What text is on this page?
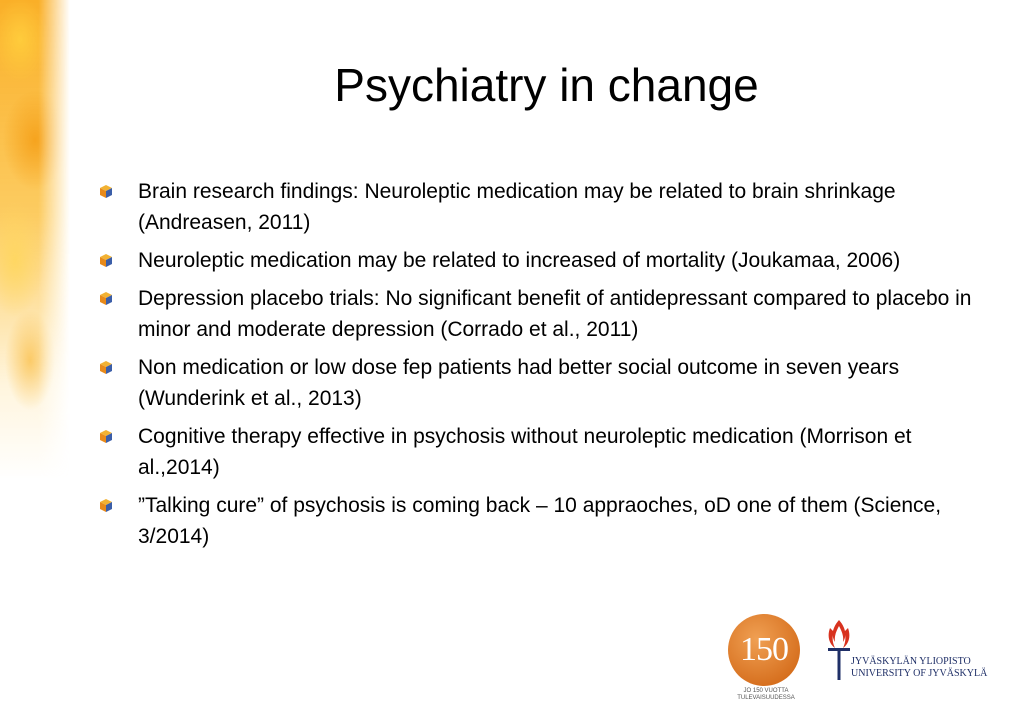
Psychiatry in change
Brain research findings: Neuroleptic medication may be related to brain shrinkage (Andreasen, 2011)
Neuroleptic medication may be related to increased of mortality (Joukamaa, 2006)
Depression placebo trials: No significant benefit of antidepressant compared to placebo in minor and moderate depression (Corrado et al., 2011)
Non medication or low dose fep patients had better social outcome in seven years (Wunderink et al., 2013)
Cognitive therapy effective in psychosis without neuroleptic medication (Morrison et al.,2014)
”Talking cure” of psychosis is coming back – 10 appraoches, oD one of them (Science, 3/2014)
150
JO 150 VUOTTA
TULEVAISUUDESSA
JYVÄSKYLÄN YLIOPISTO
UNIVERSITY OF JYVÄSKYLÄ
